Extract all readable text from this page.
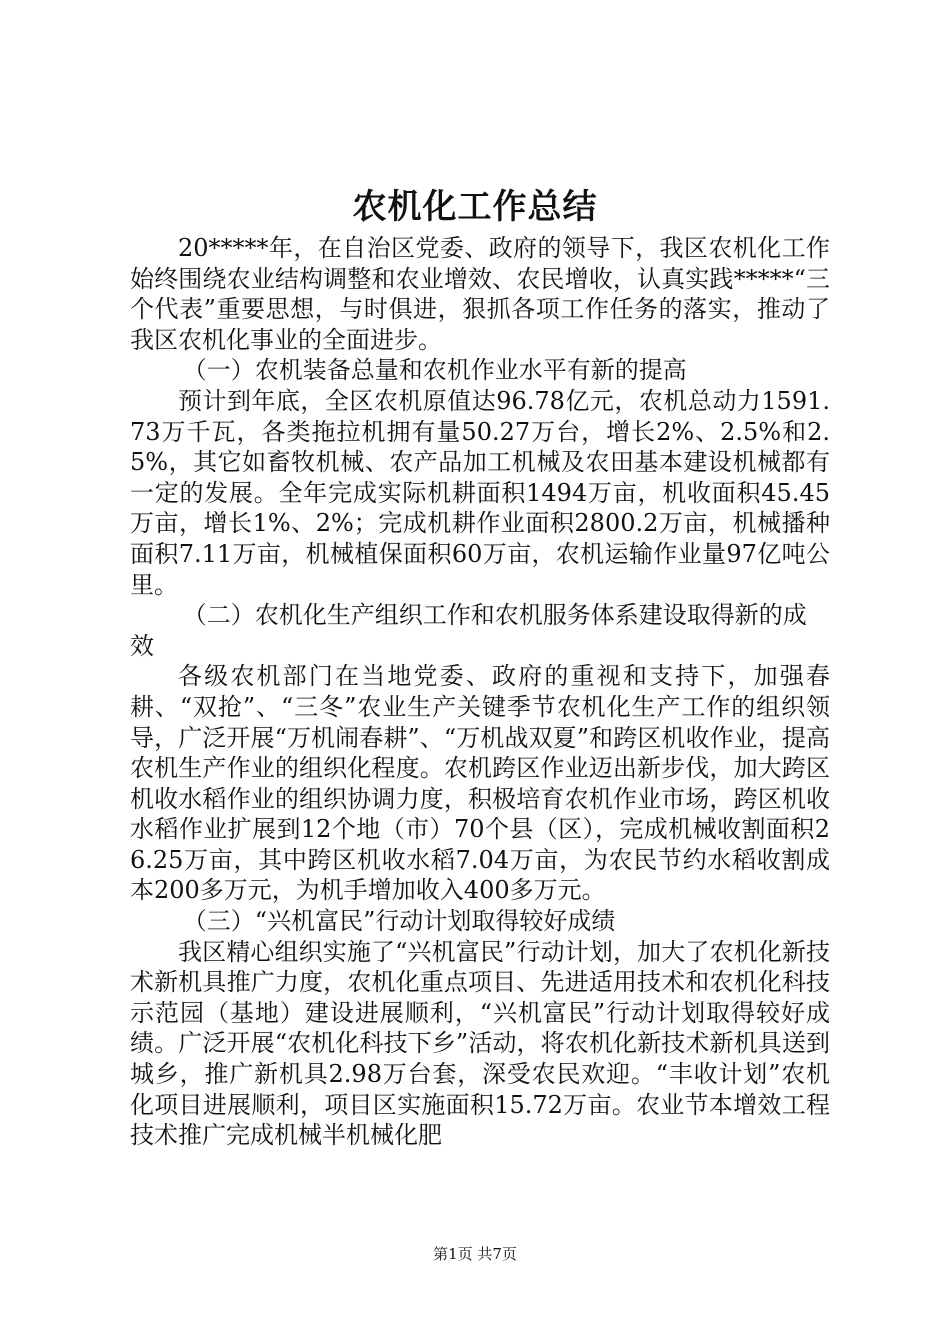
农机化工作总结

20*****年，在自治区党委、政府的领导下，我区农机化工作始终围绕农业结构调整和农业增效、农民增收，认真实践*****“三个代表”重要思想，与时俱进，狠抓各项工作任务的落实，推动了我区农机化事业的全面进步。

（一）农机装备总量和农机作业水平有新的提高

预计到年底，全区农机原值达96.78亿元，农机总动力1591.73万千瓦，各类拖拉机拥有量50.27万台，增长2%、2.5%和2.5%，其它如畜牧机械、农产品加工机械及农田基本建设机械都有一定的发展。全年完成实际机耕面积1494万亩，机收面积45.45万亩，增长1%、2%；完成机耕作业面积2800.2万亩，机械播种面积7.11万亩，机械植保面积60万亩，农机运输作业量97亿吨公里。

（二）农机化生产组织工作和农机服务体系建设取得新的成效

各级农机部门在当地党委、政府的重视和支持下，加强春耕、“双抢”、“三冬”农业生产关键季节农机化生产工作的组织领导，广泛开展“万机闹春耕”、“万机战双夏”和跨区机收作业，提高农机生产作业的组织化程度。农机跨区作业迈出新步伐，加大跨区机收水稻作业的组织协调力度，积极培育农机作业市场，跨区机收水稻作业扩展到12个地（市）70个县（区），完成机械收割面积26.25万亩，其中跨区机收水稻7.04万亩，为农民节约水稻收割成本200多万元，为机手增加收入400多万元。

（三）“兴机富民”行动计划取得较好成绩

我区精心组织实施了“兴机富民”行动计划，加大了农机化新技术新机具推广力度，农机化重点项目、先进适用技术和农机化科技示范园（基地）建设进展顺利，“兴机富民”行动计划取得较好成绩。广泛开展“农机化科技下乡”活动，将农机化新技术新机具送到城乡，推广新机具2.98万台套，深受农民欢迎。“丰收计划”农机化项目进展顺利，项目区实施面积15.72万亩。农业节本增效工程技术推广完成机械半机械化肥

第1页 共7页
